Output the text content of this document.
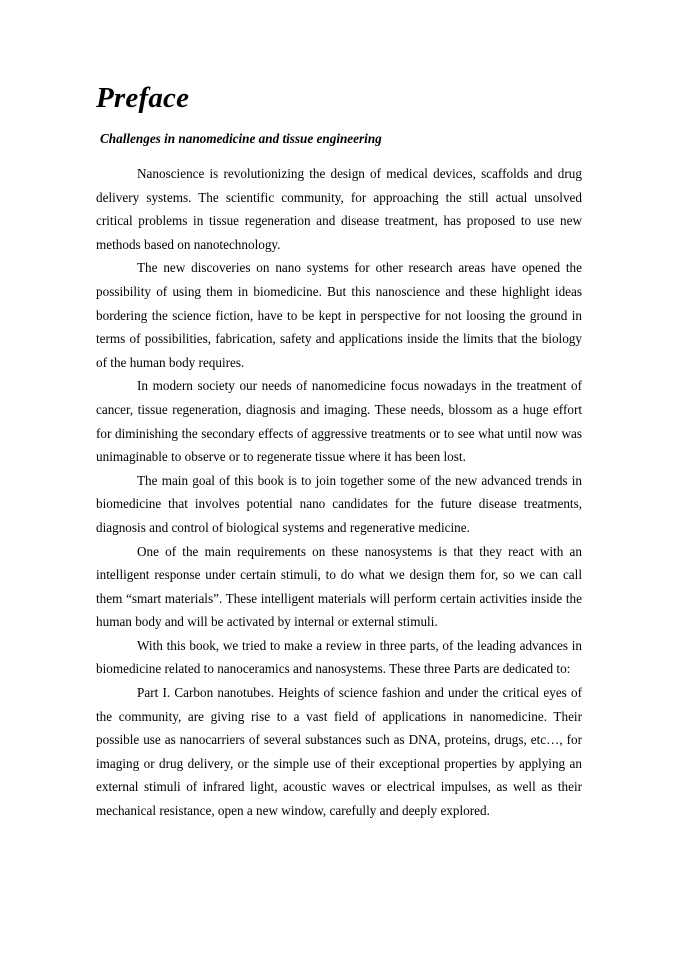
Preface
Challenges in nanomedicine and tissue engineering

Nanoscience is revolutionizing the design of medical devices, scaffolds and drug delivery systems. The scientific community, for approaching the still actual unsolved critical problems in tissue regeneration and disease treatment, has proposed to use new methods based on nanotechnology.

The new discoveries on nano systems for other research areas have opened the possibility of using them in biomedicine. But this nanoscience and these highlight ideas bordering the science fiction, have to be kept in perspective for not loosing the ground in terms of possibilities, fabrication, safety and applications inside the limits that the biology of the human body requires.

In modern society our needs of nanomedicine focus nowadays in the treatment of cancer, tissue regeneration, diagnosis and imaging. These needs, blossom as a huge effort for diminishing the secondary effects of aggressive treatments or to see what until now was unimaginable to observe or to regenerate tissue where it has been lost.

The main goal of this book is to join together some of the new advanced trends in biomedicine that involves potential nano candidates for the future disease treatments, diagnosis and control of biological systems and regenerative medicine.

One of the main requirements on these nanosystems is that they react with an intelligent response under certain stimuli, to do what we design them for, so we can call them “smart materials”. These intelligent materials will perform certain activities inside the human body and will be activated by internal or external stimuli.

With this book, we tried to make a review in three parts, of the leading advances in biomedicine related to nanoceramics and nanosystems. These three Parts are dedicated to:

Part I. Carbon nanotubes. Heights of science fashion and under the critical eyes of the community, are giving rise to a vast field of applications in nanomedicine. Their possible use as nanocarriers of several substances such as DNA, proteins, drugs, etc…, for imaging or drug delivery, or the simple use of their exceptional properties by applying an external stimuli of infrared light, acoustic waves or electrical impulses, as well as their mechanical resistance, open a new window, carefully and deeply explored.
